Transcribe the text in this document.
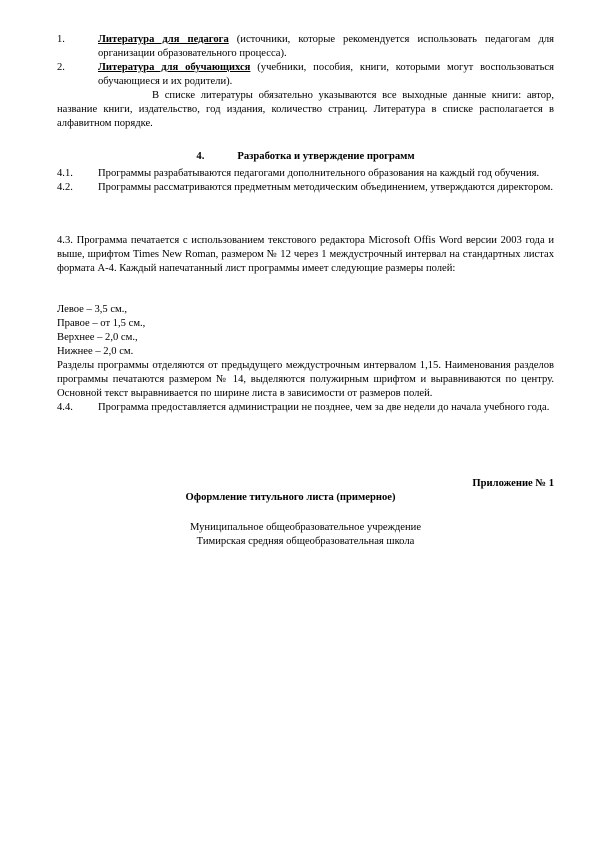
1.	Литература для педагога (источники, которые рекомендуется использовать педагогам для организации образовательного процесса).
2.	Литература для обучающихся (учебники, пособия, книги, которыми могут воспользоваться обучающиеся и их родители).

В списке литературы обязательно указываются все выходные данные книги: автор, название книги, издательство, год издания, количество страниц. Литература в списке располагается в алфавитном порядке.

4.	Разработка и утверждение программ
4.1.	Программы разрабатываются педагогами дополнительного образования на каждый год обучения.
4.2.	Программы рассматриваются предметным методическим объединением, утверждаются директором.

4.3. Программа печатается с использованием текстового редактора Microsoft Offis Word версии 2003 года и выше, шрифтом Times New Roman, размером № 12 через 1 междустрочный интервал на стандартных листах формата А-4. Каждый напечатанный лист программы имеет следующие размеры полей:

Левое – 3,5 см.,
Правое – от 1,5 см.,
Верхнее – 2,0 см.,
Нижнее – 2,0 см.

Разделы программы отделяются от предыдущего междустрочным интервалом 1,15. Наименования разделов программы печатаются размером № 14, выделяются полужирным шрифтом и выравниваются по центру. Основной текст выравнивается по ширине листа в зависимости от размеров полей.

4.4.	Программа предоставляется администрации не позднее, чем за две недели до начала учебного года.
Приложение № 1
Оформление титульного листа (примерное)
Муниципальное общеобразовательное учреждение
Тимирская средняя общеобразовательная школа
